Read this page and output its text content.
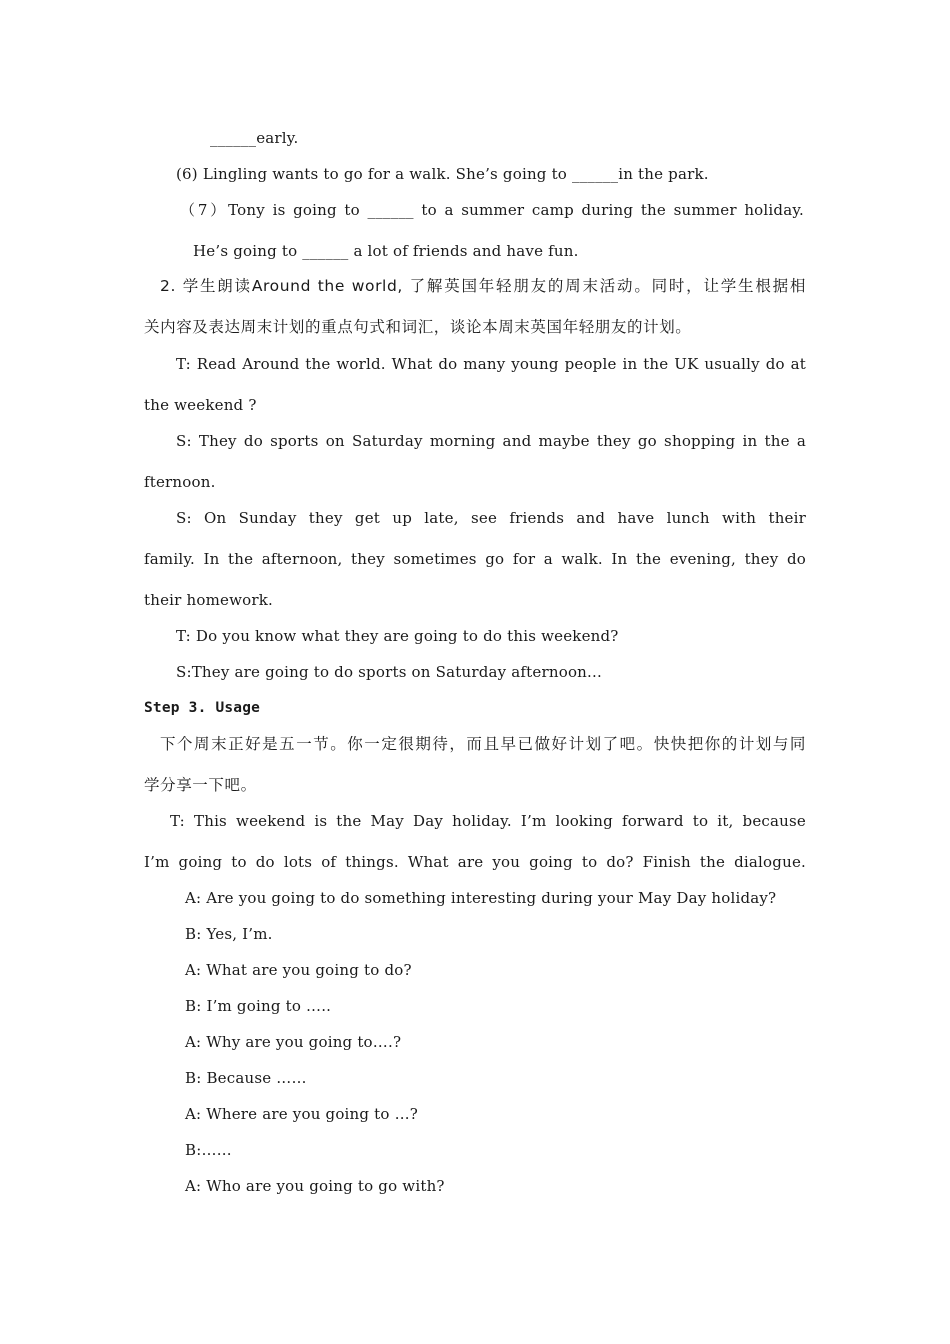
______early.
(6) Lingling wants to go for a walk. She’s going to ______in the park.
（7）Tony is going to ______ to a summer camp during the summer holiday.
He’s going to ______ a lot of friends and have fun.
2. 学生朗读Around the world, 了解英国年轻朋友的周末活动。同时，让学生根据相
关内容及表达周末计划的重点句式和词汇，谈论本周末英国年轻朋友的计划。
T: Read Around the world. What do many young people in the UK usually do at
the weekend ?
S: They do sports on Saturday morning and maybe they go shopping in the a
fternoon.
S: On Sunday they get up late, see friends and have lunch with their
family. In the afternoon, they sometimes go for a walk. In the evening, they do
their homework.
T: Do you know what they are going to do this weekend?
S:They are going to do sports on Saturday afternoon...
Step 3. Usage
下个周末正好是五一节。你一定很期待，而且早已做好计划了吧。快快把你的计划与同
学分享一下吧。
T: This weekend is the May Day holiday. I’m looking forward to it, because
I’m going to do lots of things. What are you going to do? Finish the dialogue.
A: Are you going to do something interesting during your May Day holiday?
B: Yes, I’m.
A: What are you going to do?
B: I’m going to …..
A: Why are you going to….?
B: Because ……
A: Where are you going to …?
B:……
A: Who are you going to go with?
